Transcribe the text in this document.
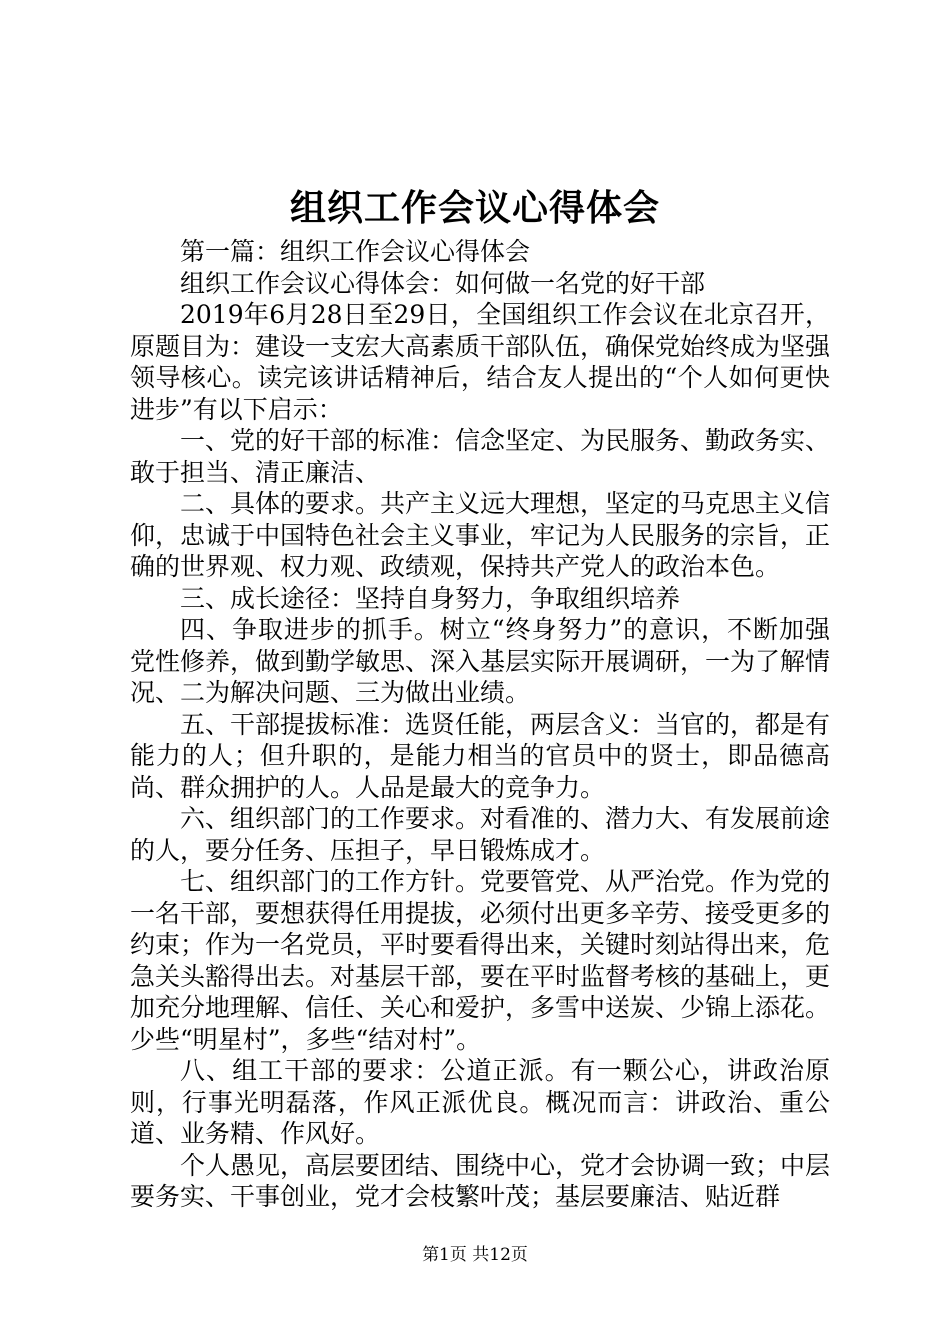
组织工作会议心得体会

第一篇：组织工作会议心得体会

组织工作会议心得体会：如何做一名党的好干部

2019年6月28日至29日，全国组织工作会议在北京召开，原题目为：建设一支宏大高素质干部队伍，确保党始终成为坚强领导核心。读完该讲话精神后，结合友人提出的“个人如何更快进步”有以下启示：

一、党的好干部的标准：信念坚定、为民服务、勤政务实、敢于担当、清正廉洁、

二、具体的要求。共产主义远大理想，坚定的马克思主义信仰，忠诚于中国特色社会主义事业，牢记为人民服务的宗旨，正确的世界观、权力观、政绩观，保持共产党人的政治本色。

三、成长途径：坚持自身努力，争取组织培养

四、争取进步的抓手。树立“终身努力”的意识，不断加强党性修养，做到勤学敏思、深入基层实际开展调研，一为了解情况、二为解决问题、三为做出业绩。

五、干部提拔标准：选贤任能，两层含义：当官的，都是有能力的人；但升职的，是能力相当的官员中的贤士，即品德高尚、群众拥护的人。人品是最大的竞争力。

六、组织部门的工作要求。对看准的、潜力大、有发展前途的人，要分任务、压担子，早日锻炼成才。

七、组织部门的工作方针。党要管党、从严治党。作为党的一名干部，要想获得任用提拔，必须付出更多辛劳、接受更多的约束；作为一名党员，平时要看得出来，关键时刻站得出来，危急关头豁得出去。对基层干部，要在平时监督考核的基础上，更加充分地理解、信任、关心和爱护，多雪中送炭、少锦上添花。少些“明星村”，多些“结对村”。

八、组工干部的要求：公道正派。有一颗公心，讲政治原则，行事光明磊落，作风正派优良。概况而言：讲政治、重公道、业务精、作风好。

个人愚见，高层要团结、围绕中心，党才会协调一致；中层要务实、干事创业，党才会枝繁叶茂；基层要廉洁、贴近群

第1页 共12页
